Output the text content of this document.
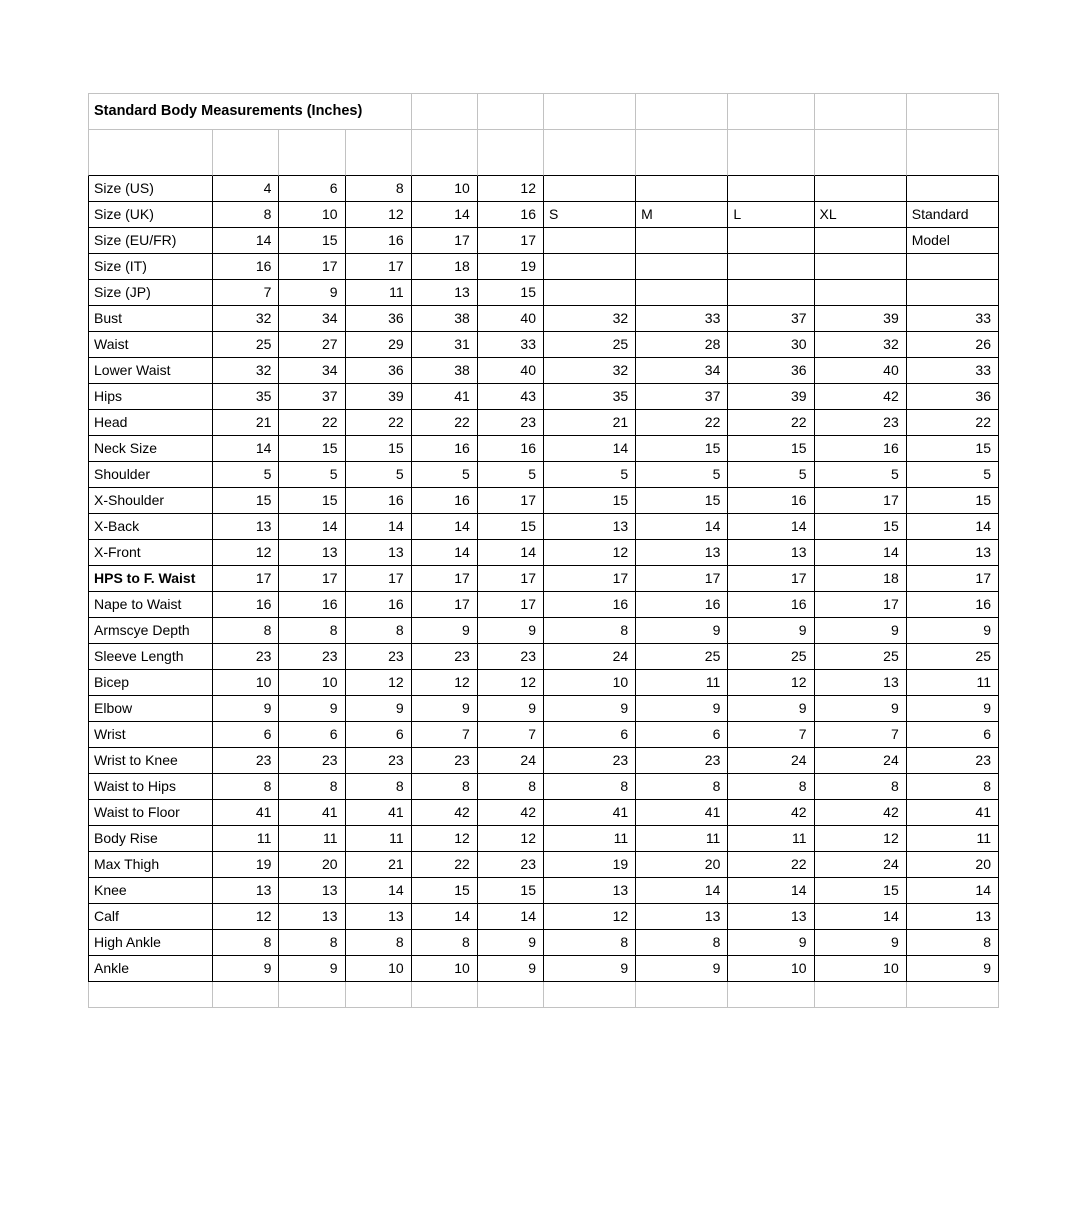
Standard Body Measurements (Inches)										

Size (US)	4	6	8	10	12					
Size (UK)	8	10	12	14	16	S	M	L	XL	Standard
Size (EU/FR)	14	15	16	17	17					Model
Size (IT)	16	17	17	18	19					
Size (JP)	7	9	11	13	15					
Bust	32	34	36	38	40	32	33	37	39	33
Waist	25	27	29	31	33	25	28	30	32	26
Lower Waist	32	34	36	38	40	32	34	36	40	33
Hips	35	37	39	41	43	35	37	39	42	36
Head	21	22	22	22	23	21	22	22	23	22
Neck Size	14	15	15	16	16	14	15	15	16	15
Shoulder	5	5	5	5	5	5	5	5	5	5
X-Shoulder	15	15	16	16	17	15	15	16	17	15
X-Back	13	14	14	14	15	13	14	14	15	14
X-Front	12	13	13	14	14	12	13	13	14	13
HPS to F. Waist	17	17	17	17	17	17	17	17	18	17
Nape to Waist	16	16	16	17	17	16	16	16	17	16
Armscye Depth	8	8	8	9	9	8	9	9	9	9
Sleeve Length	23	23	23	23	23	24	25	25	25	25
Bicep	10	10	12	12	12	10	11	12	13	11
Elbow	9	9	9	9	9	9	9	9	9	9
Wrist	6	6	6	7	7	6	6	7	7	6
Wrist to Knee	23	23	23	23	24	23	23	24	24	23
Waist to Hips	8	8	8	8	8	8	8	8	8	8
Waist to Floor	41	41	41	42	42	41	41	42	42	41
Body Rise	11	11	11	12	12	11	11	11	12	11
Max Thigh	19	20	21	22	23	19	20	22	24	20
Knee	13	13	14	15	15	13	14	14	15	14
Calf	12	13	13	14	14	12	13	13	14	13
High Ankle	8	8	8	8	9	8	8	9	9	8
Ankle	9	9	10	10	9	9	9	10	10	9
